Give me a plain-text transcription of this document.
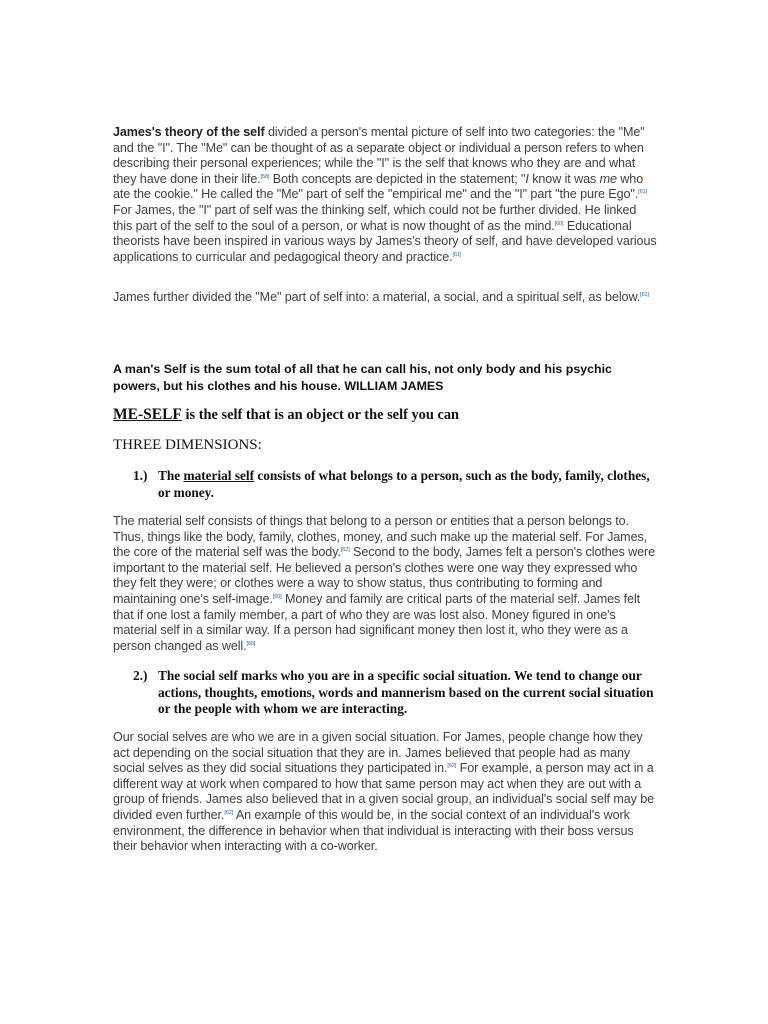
James's theory of the self divided a person's mental picture of self into two categories: the "Me" and the "I". The "Me" can be thought of as a separate object or individual a person refers to when describing their personal experiences; while the "I" is the self that knows who they are and what they have done in their life.[58] Both concepts are depicted in the statement; "I know it was me who ate the cookie." He called the "Me" part of self the "empirical me" and the "I" part "the pure Ego".[61] For James, the "I" part of self was the thinking self, which could not be further divided. He linked this part of the self to the soul of a person, or what is now thought of as the mind.[60] Educational theorists have been inspired in various ways by James's theory of self, and have developed various applications to curricular and pedagogical theory and practice.[61]

James further divided the "Me" part of self into: a material, a social, and a spiritual self, as below.[61]

A man's Self is the sum total of all that he can call his, not only body and his psychic powers, but his clothes and his house. WILLIAM JAMES

ME-SELF is the self that is an object or the self you can

THREE DIMENSIONS:

1.) The material self consists of what belongs to a person, such as the body, family, clothes, or money.

The material self consists of things that belong to a person or entities that a person belongs to. Thus, things like the body, family, clothes, money, and such make up the material self. For James, the core of the material self was the body.[62] Second to the body, James felt a person's clothes were important to the material self. He believed a person's clothes were one way they expressed who they felt they were; or clothes were a way to show status, thus contributing to forming and maintaining one's self-image.[60] Money and family are critical parts of the material self. James felt that if one lost a family member, a part of who they are was lost also. Money figured in one's material self in a similar way. If a person had significant money then lost it, who they were as a person changed as well.[60]

2.) The social self marks who you are in a specific social situation. We tend to change our actions, thoughts, emotions, words and mannerism based on the current social situation or the people with whom we are interacting.

Our social selves are who we are in a given social situation. For James, people change how they act depending on the social situation that they are in. James believed that people had as many social selves as they did social situations they participated in.[62] For example, a person may act in a different way at work when compared to how that same person may act when they are out with a group of friends. James also believed that in a given social group, an individual's social self may be divided even further.[62] An example of this would be, in the social context of an individual's work environment, the difference in behavior when that individual is interacting with their boss versus their behavior when interacting with a co-worker.
